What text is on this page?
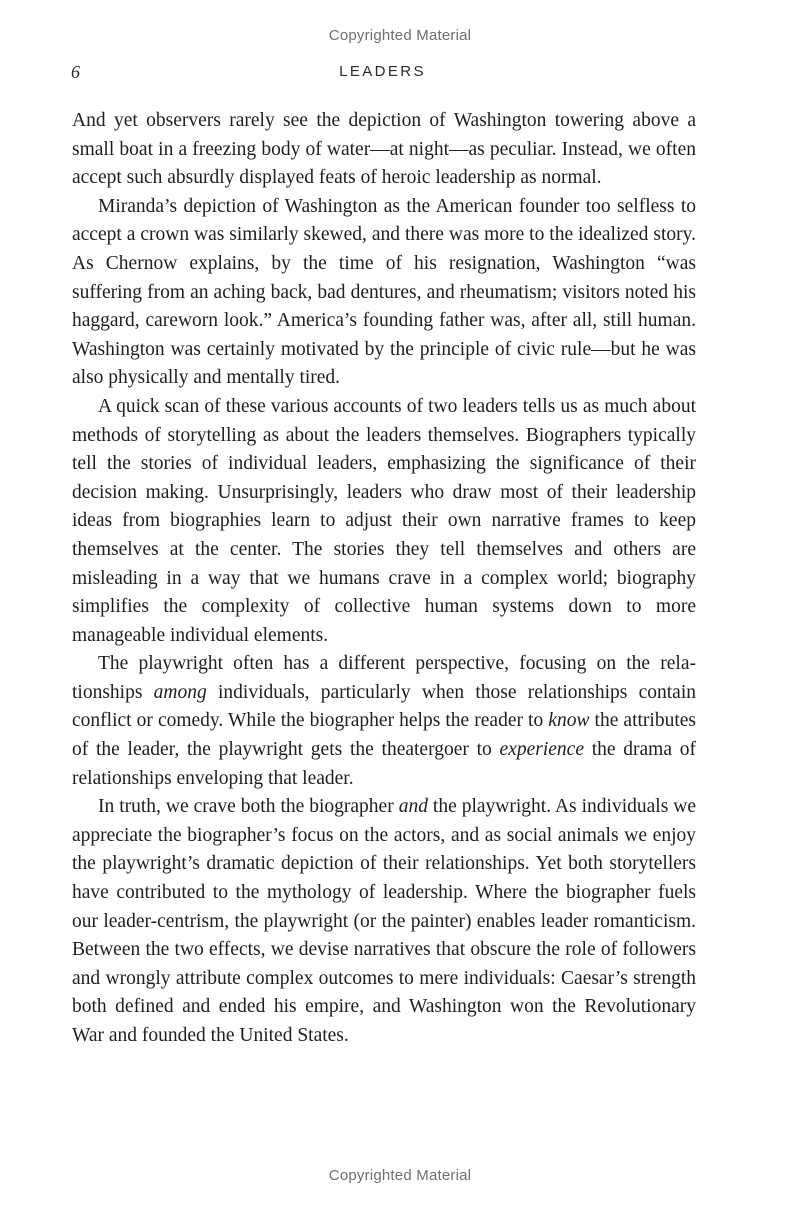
Copyrighted Material
6	LEADERS

And yet observers rarely see the depiction of Washington towering above a small boat in a freezing body of water—at night—as peculiar. Instead, we often accept such absurdly displayed feats of heroic leadership as normal.

Miranda’s depiction of Washington as the American founder too selfless to accept a crown was similarly skewed, and there was more to the idealized story. As Chernow explains, by the time of his resignation, Washington “was suffering from an aching back, bad dentures, and rheumatism; visitors noted his haggard, careworn look.” America’s founding father was, after all, still human. Washington was certainly motivated by the principle of civic rule—but he was also physically and mentally tired.

A quick scan of these various accounts of two leaders tells us as much about methods of storytelling as about the leaders themselves. Biographers typically tell the stories of individual leaders, emphasizing the significance of their decision making. Unsurprisingly, leaders who draw most of their leadership ideas from biographies learn to adjust their own narrative frames to keep themselves at the center. The stories they tell themselves and others are misleading in a way that we humans crave in a complex world; biography simplifies the complexity of collective human systems down to more manageable individual elements.

The playwright often has a different perspective, focusing on the relationships among individuals, particularly when those relationships contain conflict or comedy. While the biographer helps the reader to know the attributes of the leader, the playwright gets the theatergoer to experience the drama of relationships enveloping that leader.

In truth, we crave both the biographer and the playwright. As individuals we appreciate the biographer’s focus on the actors, and as social animals we enjoy the playwright’s dramatic depiction of their relationships. Yet both storytellers have contributed to the mythology of leadership. Where the biographer fuels our leader-centrism, the playwright (or the painter) enables leader romanticism. Between the two effects, we devise narratives that obscure the role of followers and wrongly attribute complex outcomes to mere individuals: Caesar’s strength both defined and ended his empire, and Washington won the Revolutionary War and founded the United States.

Copyrighted Material
